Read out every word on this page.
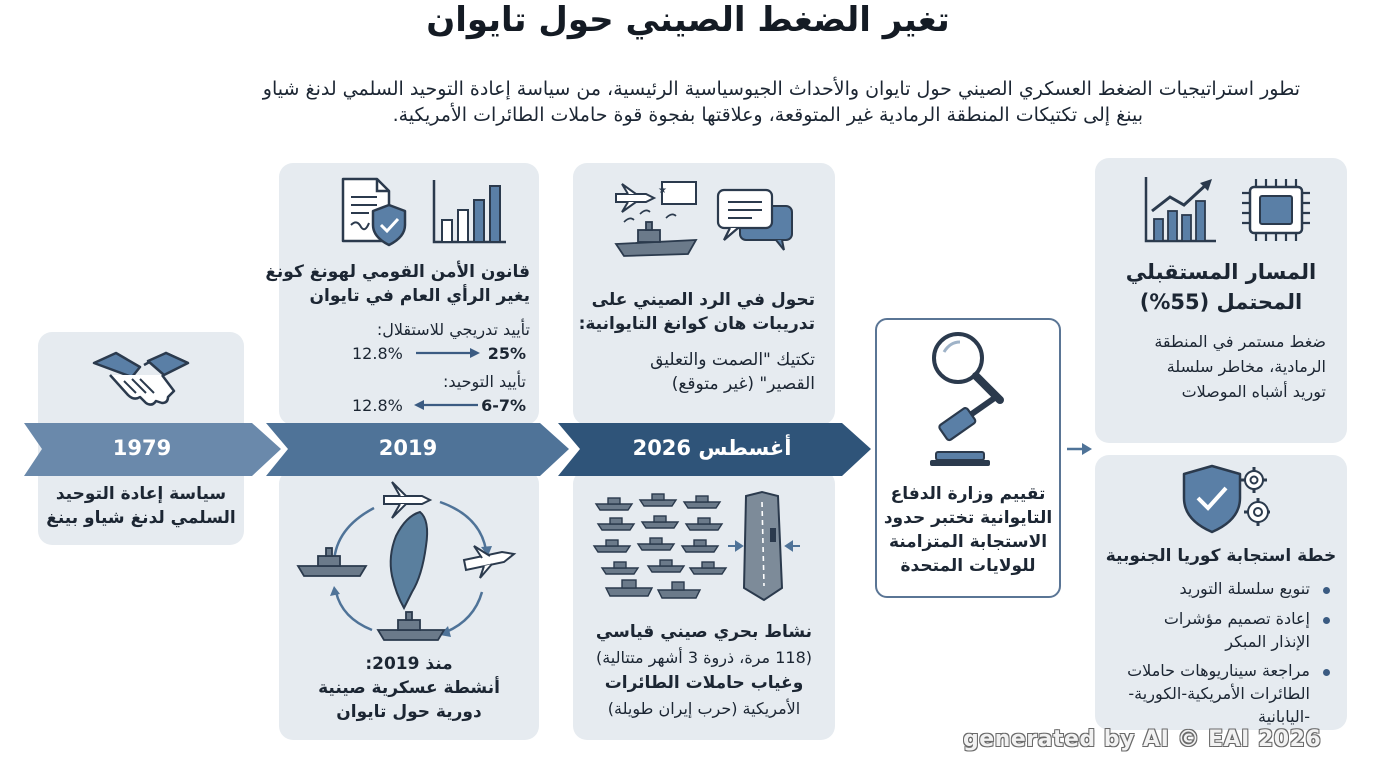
تغير الضغط الصيني حول تايوان
تطور استراتيجيات الضغط العسكري الصيني حول تايوان والأحداث الجيوسياسية الرئيسية، من سياسة إعادة التوحيد السلمي لدنغ شياو
بينغ إلى تكتيكات المنطقة الرمادية غير المتوقعة، وعلاقتها بفجوة قوة حاملات الطائرات الأمريكية.
1979	2019	أغسطس 2026
سياسة إعادة التوحيد
السلمي لدنغ شياو بينغ
قانون الأمن القومي لهونغ كونغ
يغير الرأي العام في تايوان
تأييد تدريجي للاستقلال:
12.8%	25%
تأييد التوحيد:
12.8%	6-7%
منذ 2019:
أنشطة عسكرية صينية
دورية حول تايوان
★
تحول في الرد الصيني على
تدريبات هان كوانغ التايوانية:
تكتيك "الصمت والتعليق
القصير" (غير متوقع)
نشاط بحري صيني قياسي
(118 مرة، ذروة 3 أشهر متتالية)
وغياب حاملات الطائرات
الأمريكية (حرب إيران طويلة)
تقييم وزارة الدفاع
التايوانية تختبر حدود
الاستجابة المتزامنة
للولايات المتحدة
المسار المستقبلي
المحتمل (55%)
ضغط مستمر في المنطقة
الرمادية، مخاطر سلسلة
توريد أشباه الموصلات
خطة استجابة كوريا الجنوبية
تنويع سلسلة التوريد
إعادة تصميم مؤشرات
الإنذار المبكر
مراجعة سيناريوهات حاملات
الطائرات الأمريكية-الكورية-
-اليابانية
generated by AI © EAI 2026
